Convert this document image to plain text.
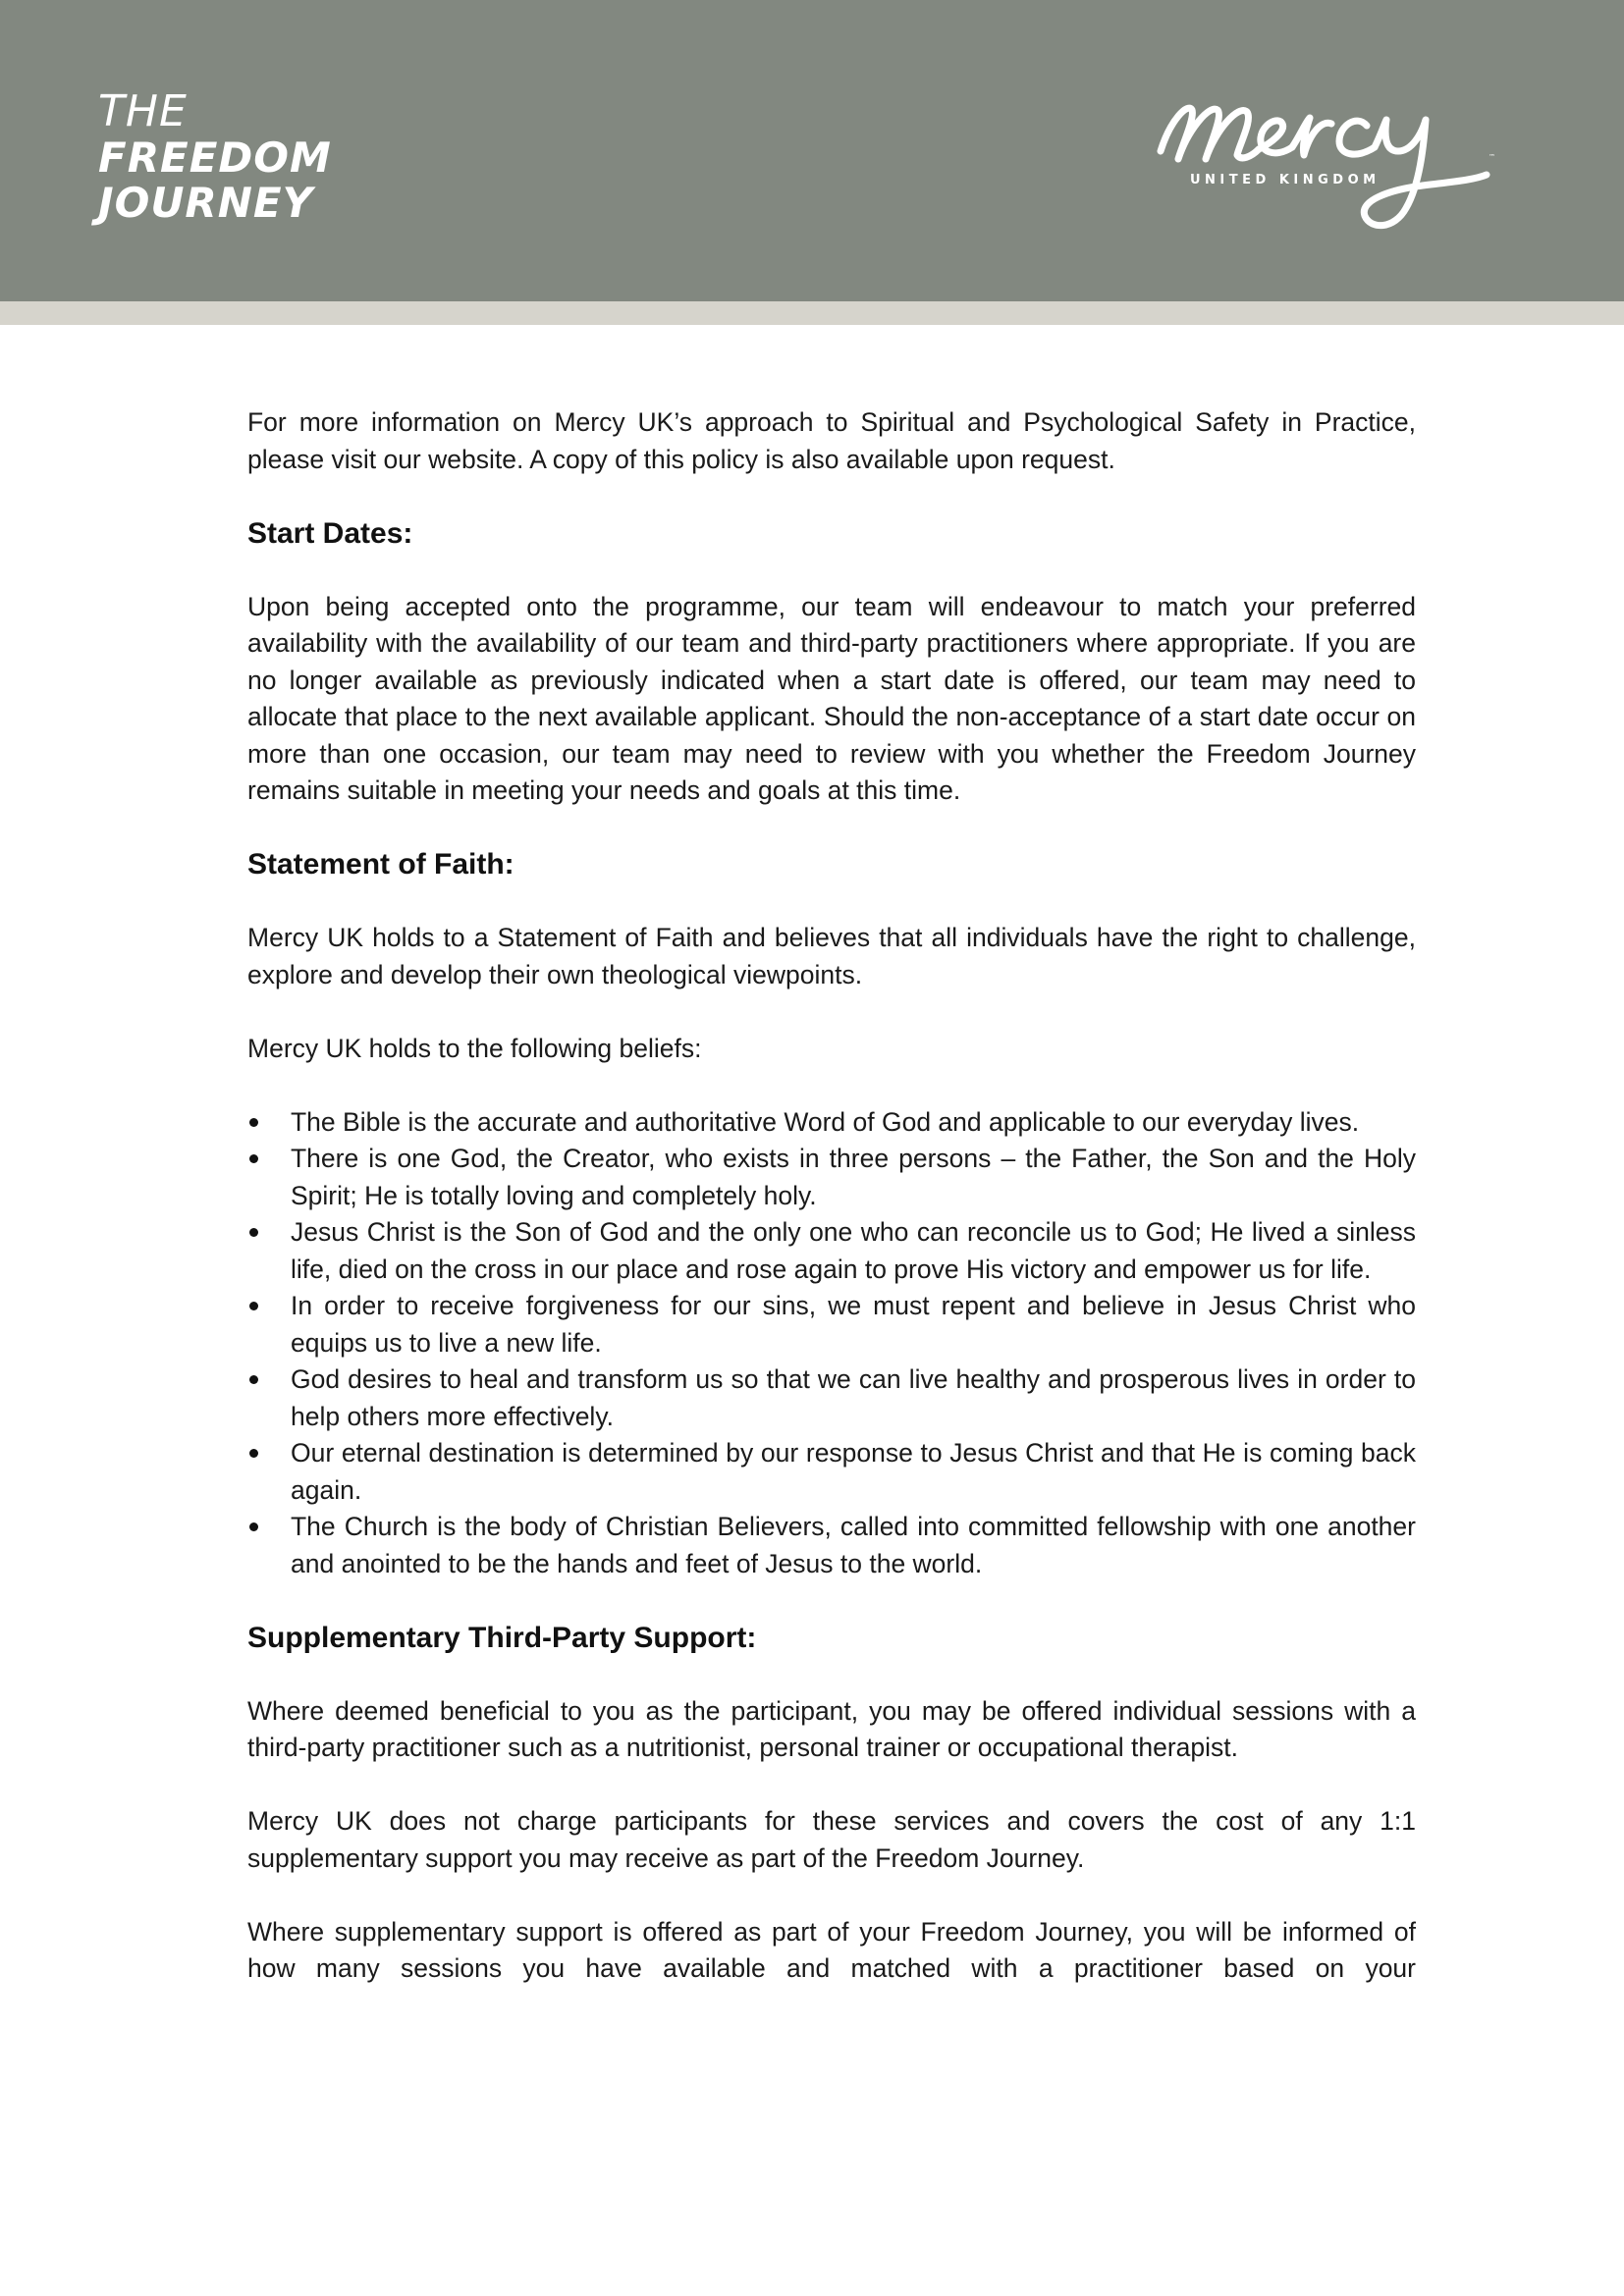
THE
FREEDOM
JOURNEY	UNITED KINGDOM
™

For more information on Mercy UK’s approach to Spiritual and Psychological Safety in Practice, please visit our website. A copy of this policy is also available upon request.

Start Dates:

Upon being accepted onto the programme, our team will endeavour to match your preferred availability with the availability of our team and third-party practitioners where appropriate. If you are no longer available as previously indicated when a start date is offered, our team may need to allocate that place to the next available applicant. Should the non-acceptance of a start date occur on more than one occasion, our team may need to review with you whether the Freedom Journey remains suitable in meeting your needs and goals at this time.

Statement of Faith:

Mercy UK holds to a Statement of Faith and believes that all individuals have the right to challenge, explore and develop their own theological viewpoints.

Mercy UK holds to the following beliefs:

The Bible is the accurate and authoritative Word of God and applicable to our everyday lives.
There is one God, the Creator, who exists in three persons – the Father, the Son and the Holy Spirit; He is totally loving and completely holy.
Jesus Christ is the Son of God and the only one who can reconcile us to God; He lived a sinless life, died on the cross in our place and rose again to prove His victory and empower us for life.
In order to receive forgiveness for our sins, we must repent and believe in Jesus Christ who equips us to live a new life.
God desires to heal and transform us so that we can live healthy and prosperous lives in order to help others more effectively.
Our eternal destination is determined by our response to Jesus Christ and that He is coming back again.
The Church is the body of Christian Believers, called into committed fellowship with one another and anointed to be the hands and feet of Jesus to the world.
Supplementary Third-Party Support:

Where deemed beneficial to you as the participant, you may be offered individual sessions with a third-party practitioner such as a nutritionist, personal trainer or occupational therapist.

Mercy UK does not charge participants for these services and covers the cost of any 1:1 supplementary support you may receive as part of the Freedom Journey.

Where supplementary support is offered as part of your Freedom Journey, you will be informed of how many sessions you have available and matched with a practitioner based on your
